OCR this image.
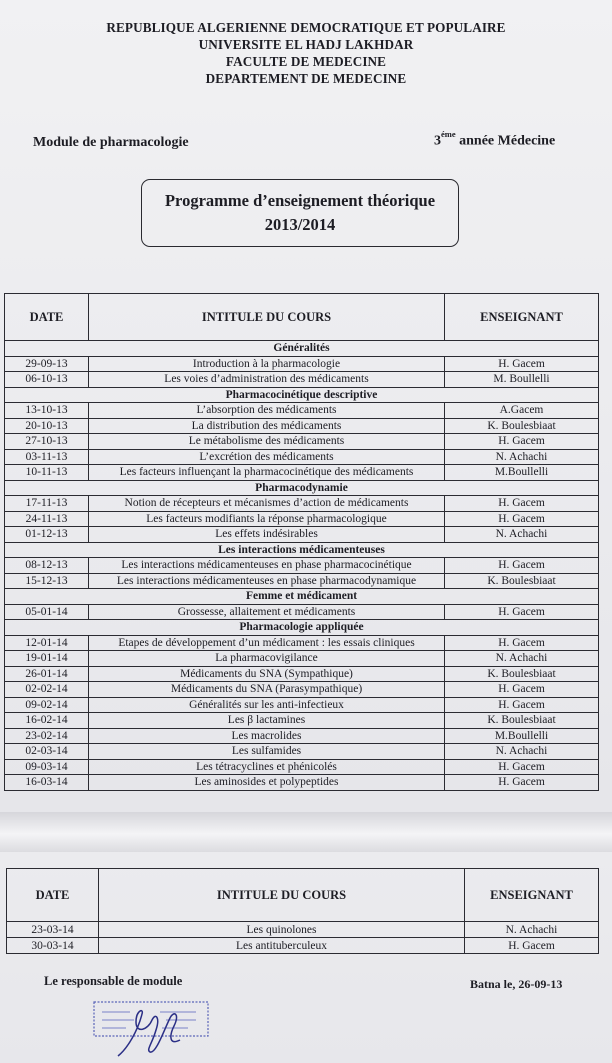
REPUBLIQUE ALGERIENNE DEMOCRATIQUE ET POPULAIRE
UNIVERSITE EL HADJ LAKHDAR
FACULTE DE MEDECINE
DEPARTEMENT DE MEDECINE
Module de pharmacologie	$3^{éme}$ année Médecine
Programme d’enseignement théorique
2013/2014
DATE	INTITULE DU COURS	ENSEIGNANT
Généralités		
29-09-13	Introduction à la pharmacologie	H. Gacem
06-10-13	Les voies d’administration des médicaments	M. Boullelli
Pharmacocinétique descriptive		
13-10-13	L’absorption des médicaments	A.Gacem
20-10-13	La distribution des médicaments	K. Boulesbiaat
27-10-13	Le métabolisme des médicaments	H. Gacem
03-11-13	L’excrétion des médicaments	N. Achachi
10-11-13	Les facteurs influençant la pharmacocinétique des médicaments	M.Boullelli
Pharmacodynamie		
17-11-13	Notion de récepteurs et mécanismes d’action de médicaments	H. Gacem
24-11-13	Les facteurs modifiants la réponse pharmacologique	H. Gacem
01-12-13	Les effets indésirables	N. Achachi
Les interactions médicamenteuses		
08-12-13	Les interactions médicamenteuses en phase pharmacocinétique	H. Gacem
15-12-13	Les interactions médicamenteuses en phase pharmacodynamique	K. Boulesbiaat
Femme et médicament		
05-01-14	Grossesse, allaitement et médicaments	H. Gacem
Pharmacologie appliquée		
12-01-14	Etapes de développement d’un médicament : les essais cliniques	H. Gacem
19-01-14	La pharmacovigilance	N. Achachi
26-01-14	Médicaments du SNA (Sympathique)	K. Boulesbiaat
02-02-14	Médicaments du SNA (Parasympathique)	H. Gacem
09-02-14	Généralités sur les anti-infectieux	H. Gacem
16-02-14	Les β lactamines	K. Boulesbiaat
23-02-14	Les macrolides	M.Boullelli
02-03-14	Les sulfamides	N. Achachi
09-03-14	Les tétracyclines et phénicolés	H. Gacem
16-03-14	Les aminosides et polypeptides	H. Gacem
Le responsable de module	Batna le, 26-09-13
DATE	INTITULE DU COURS	ENSEIGNANT
23-03-14	Les quinolones	N. Achachi
30-03-14	Les antituberculeux	H. Gacem
